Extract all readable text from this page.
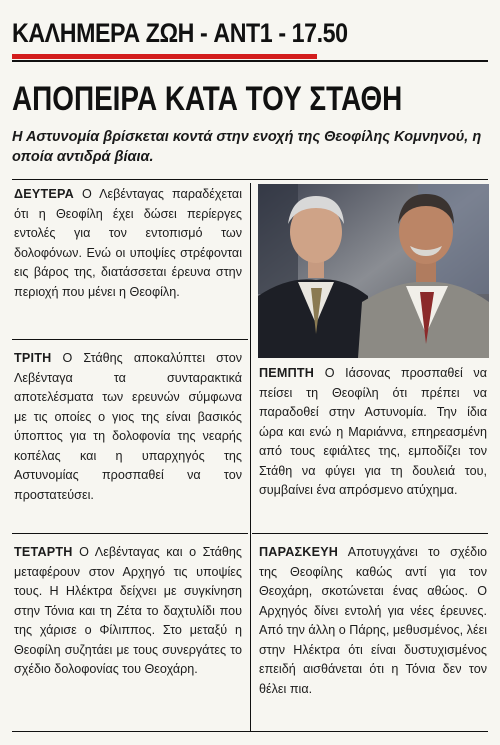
ΚΑΛΗΜΕΡΑ ΖΩΗ - ANT1 - 17.50
ΑΠΟΠΕΙΡΑ ΚΑΤΑ ΤΟΥ ΣΤΑΘΗ
Η Αστυνομία βρίσκεται κοντά στην ενοχή της Θεοφίλης Κομνηνού, η οποία αντιδρά βίαια.
ΔΕΥΤΕΡΑ Ο Λεβένταγας παραδέχεται ότι η Θεοφίλη έχει δώσει περίεργες εντολές για τον εντοπισμό των δολοφόνων. Ενώ οι υποψίες στρέφονται εις βάρος της, διατάσσεται έρευνα στην περιοχή που μένει η Θεοφίλη.
ΤΡΙΤΗ Ο Στάθης αποκαλύπτει στον Λεβένταγα τα συνταρακτικά αποτελέσματα των ερευνών σύμφωνα με τις οποίες ο γιος της είναι βασικός ύποπτος για τη δολοφονία της νεαρής κοπέλας και η υπαρχηγός της Αστυνομίας προσπαθεί να τον προστατεύσει.
ΤΕΤΑΡΤΗ Ο Λεβένταγας και ο Στάθης μεταφέρουν στον Αρχηγό τις υποψίες τους. Η Ηλέκτρα δείχνει με συγκίνηση στην Τόνια και τη Ζέτα το δαχτυλίδι που της χάρισε ο Φίλιππος. Στο μεταξύ η Θεοφίλη συζητάει με τους συνεργάτες το σχέδιο δολοφονίας του Θεοχάρη.
ΠΕΜΠΤΗ Ο Ιάσονας προσπαθεί να πείσει τη Θεοφίλη ότι πρέπει να παραδοθεί στην Αστυνομία. Την ίδια ώρα και ενώ η Μαριάννα, επηρεασμένη από τους εφιάλτες της, εμποδίζει τον Στάθη να φύγει για τη δουλειά του, συμβαίνει ένα απρόσμενο ατύχημα.
ΠΑΡΑΣΚΕΥΗ Αποτυγχάνει το σχέδιο της Θεοφίλης καθώς αντί για τον Θεοχάρη, σκοτώνεται ένας αθώος. Ο Αρχηγός δίνει εντολή για νέες έρευνες. Από την άλλη ο Πάρης, μεθυσμένος, λέει στην Ηλέκτρα ότι είναι δυστυχισμένος επειδή αισθάνεται ότι η Τόνια δεν τον θέλει πια.
